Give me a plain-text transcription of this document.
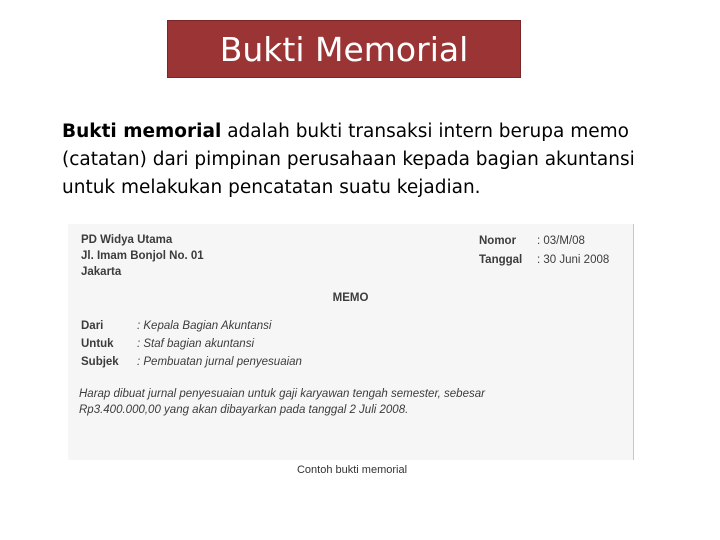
Bukti Memorial
Bukti memorial adalah bukti transaksi intern berupa memo (catatan) dari pimpinan perusahaan kepada bagian akuntansi untuk melakukan pencatatan suatu kejadian.
PD Widya Utama
Jl. Imam Bonjol No. 01
Jakarta
Nomor	: 03/M/08
Tanggal	: 30 Juni 2008
MEMO
Dari	: Kepala Bagian Akuntansi
Untuk	: Staf bagian akuntansi
Subjek	: Pembuatan jurnal penyesuaian
Harap dibuat jurnal penyesuaian untuk gaji karyawan tengah semester, sebesar
Rp3.400.000,00 yang akan dibayarkan pada tanggal 2 Juli 2008.
Contoh bukti memorial
